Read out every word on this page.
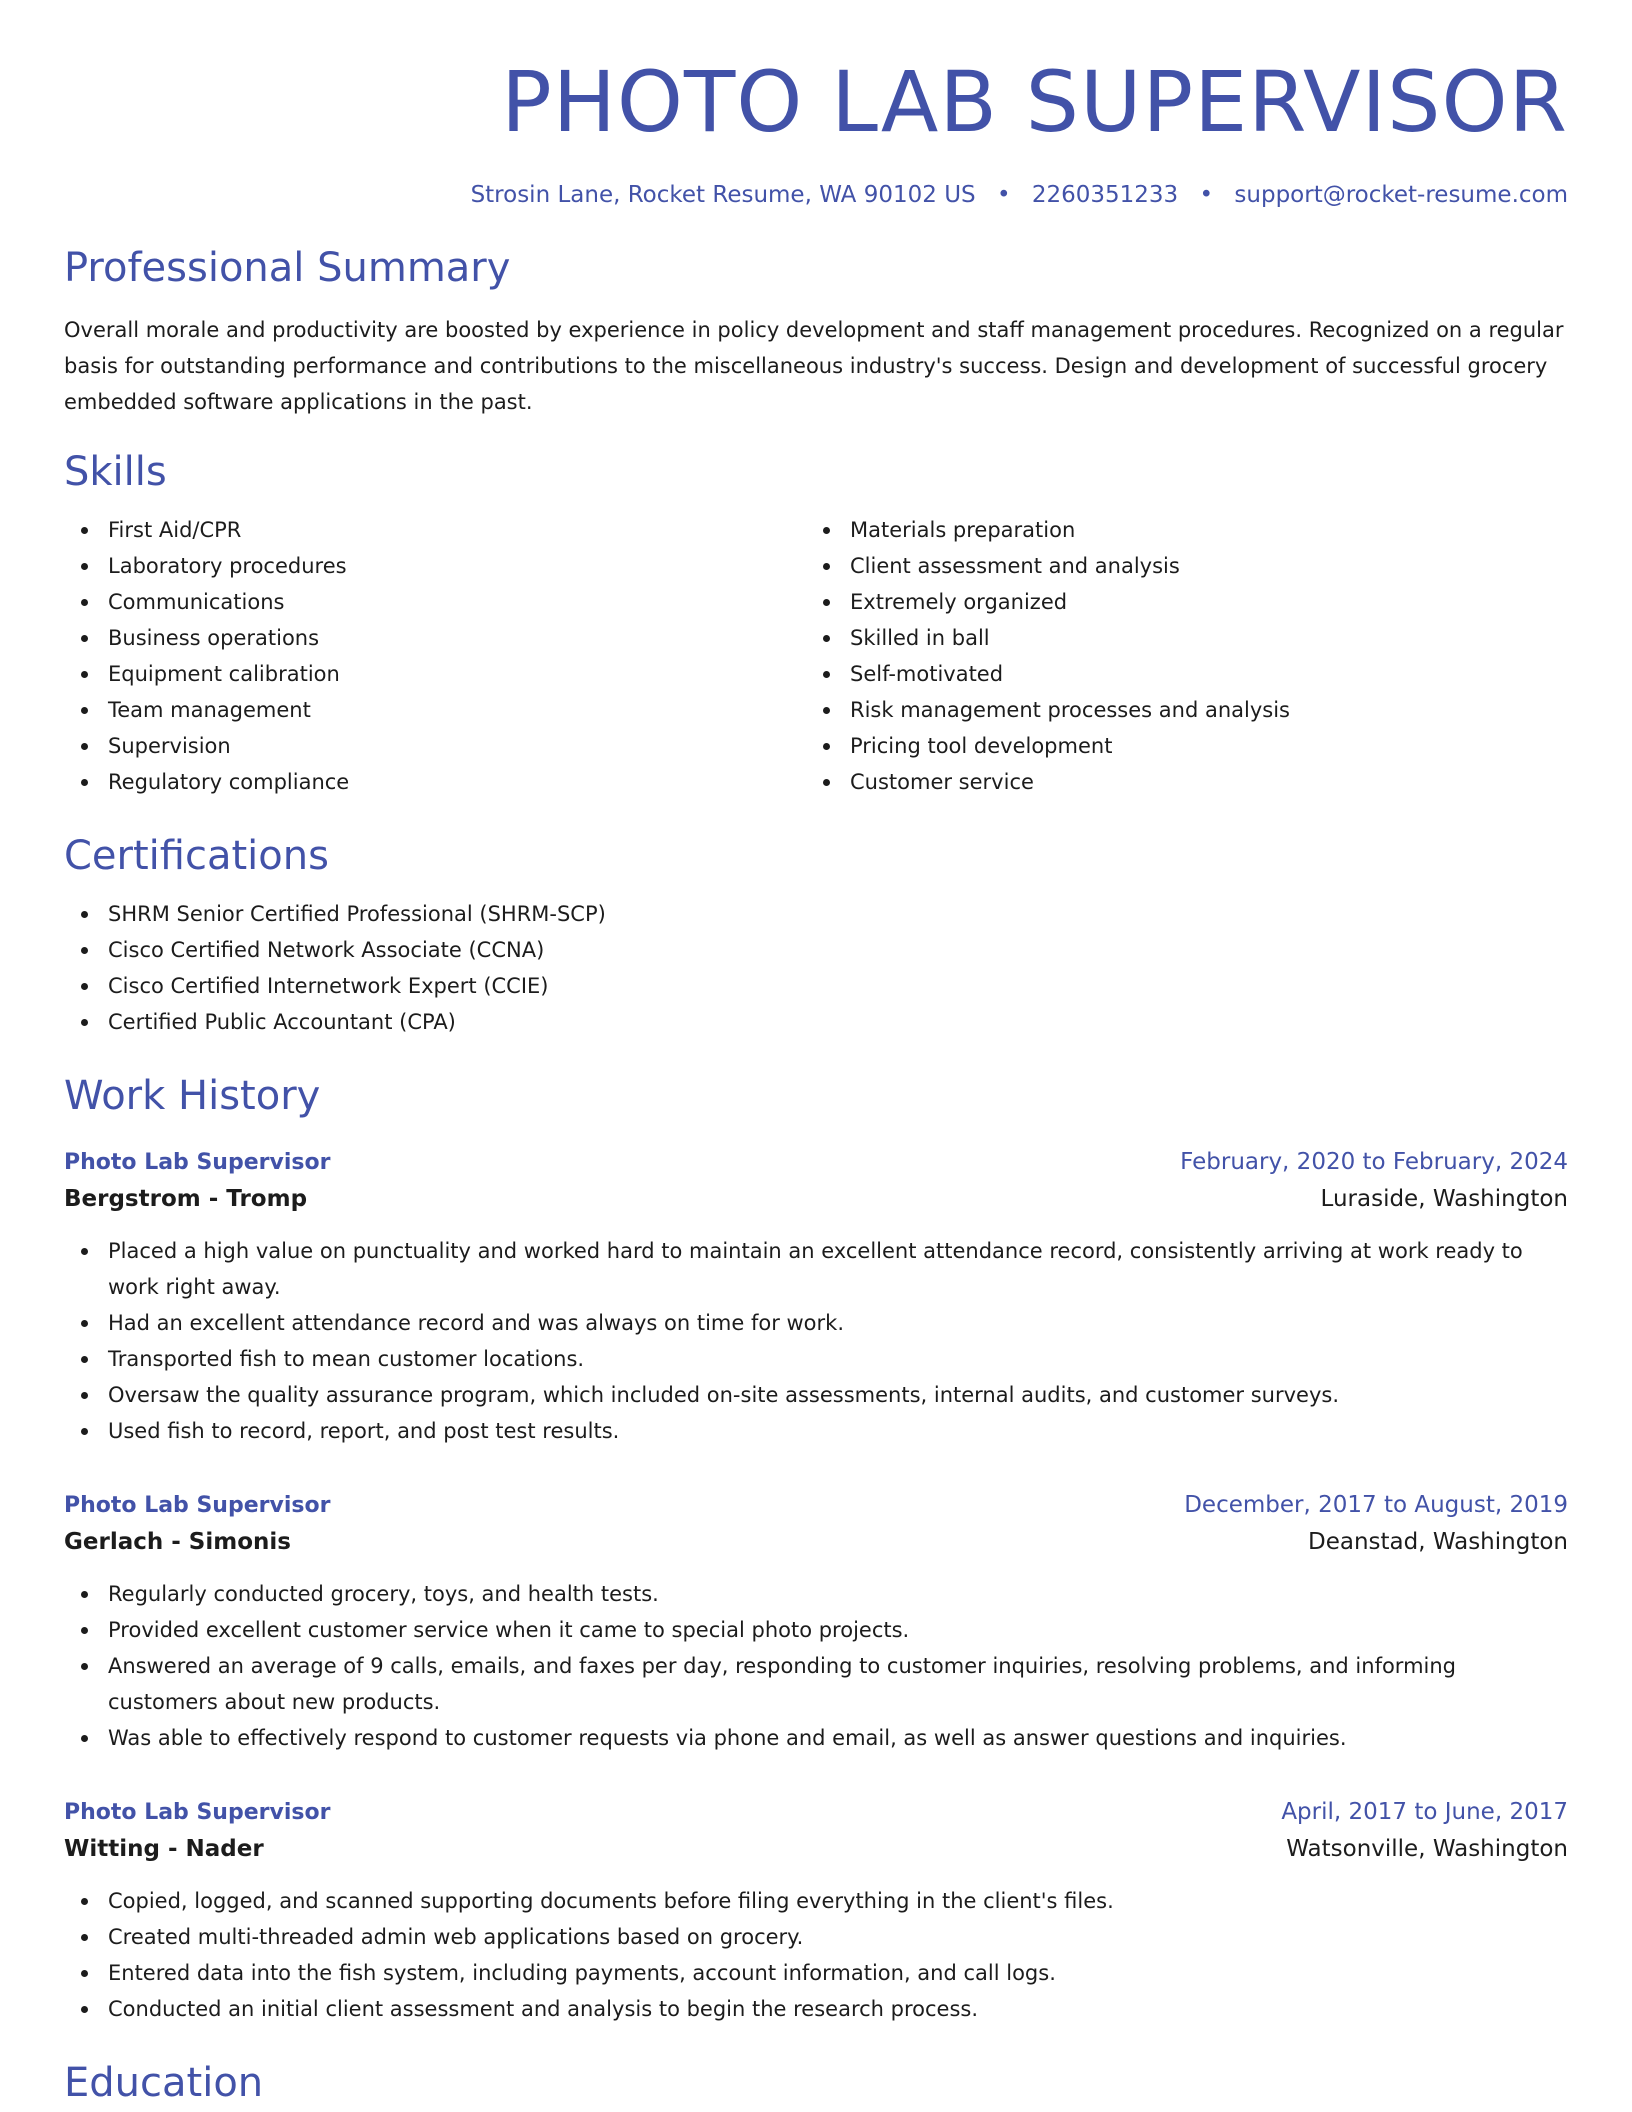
PHOTO LAB SUPERVISOR
Strosin Lane, Rocket Resume, WA 90102 US • 2260351233 • support@rocket-resume.com
Professional Summary

Overall morale and productivity are boosted by experience in policy development and staff management procedures. Recognized on a regular basis for outstanding performance and contributions to the miscellaneous industry's success. Design and development of successful grocery embedded software applications in the past.

Skills
First Aid/CPR
Laboratory procedures
Communications
Business operations
Equipment calibration
Team management
Supervision
Regulatory compliance
Materials preparation
Client assessment and analysis
Extremely organized
Skilled in ball
Self-motivated
Risk management processes and analysis
Pricing tool development
Customer service
Certifications
SHRM Senior Certified Professional (SHRM-SCP)
Cisco Certified Network Associate (CCNA)
Cisco Certified Internetwork Expert (CCIE)
Certified Public Accountant (CPA)
Work History
Photo Lab Supervisor	February, 2020 to February, 2024
Bergstrom - Tromp	Luraside, Washington
Placed a high value on punctuality and worked hard to maintain an excellent attendance record, consistently arriving at work ready to work right away.
Had an excellent attendance record and was always on time for work.
Transported fish to mean customer locations.
Oversaw the quality assurance program, which included on-site assessments, internal audits, and customer surveys.
Used fish to record, report, and post test results.
Photo Lab Supervisor	December, 2017 to August, 2019
Gerlach - Simonis	Deanstad, Washington
Regularly conducted grocery, toys, and health tests.
Provided excellent customer service when it came to special photo projects.
Answered an average of 9 calls, emails, and faxes per day, responding to customer inquiries, resolving problems, and informing customers about new products.
Was able to effectively respond to customer requests via phone and email, as well as answer questions and inquiries.
Photo Lab Supervisor	April, 2017 to June, 2017
Witting - Nader	Watsonville, Washington
Copied, logged, and scanned supporting documents before filing everything in the client's files.
Created multi-threaded admin web applications based on grocery.
Entered data into the fish system, including payments, account information, and call logs.
Conducted an initial client assessment and analysis to begin the research process.
Education
